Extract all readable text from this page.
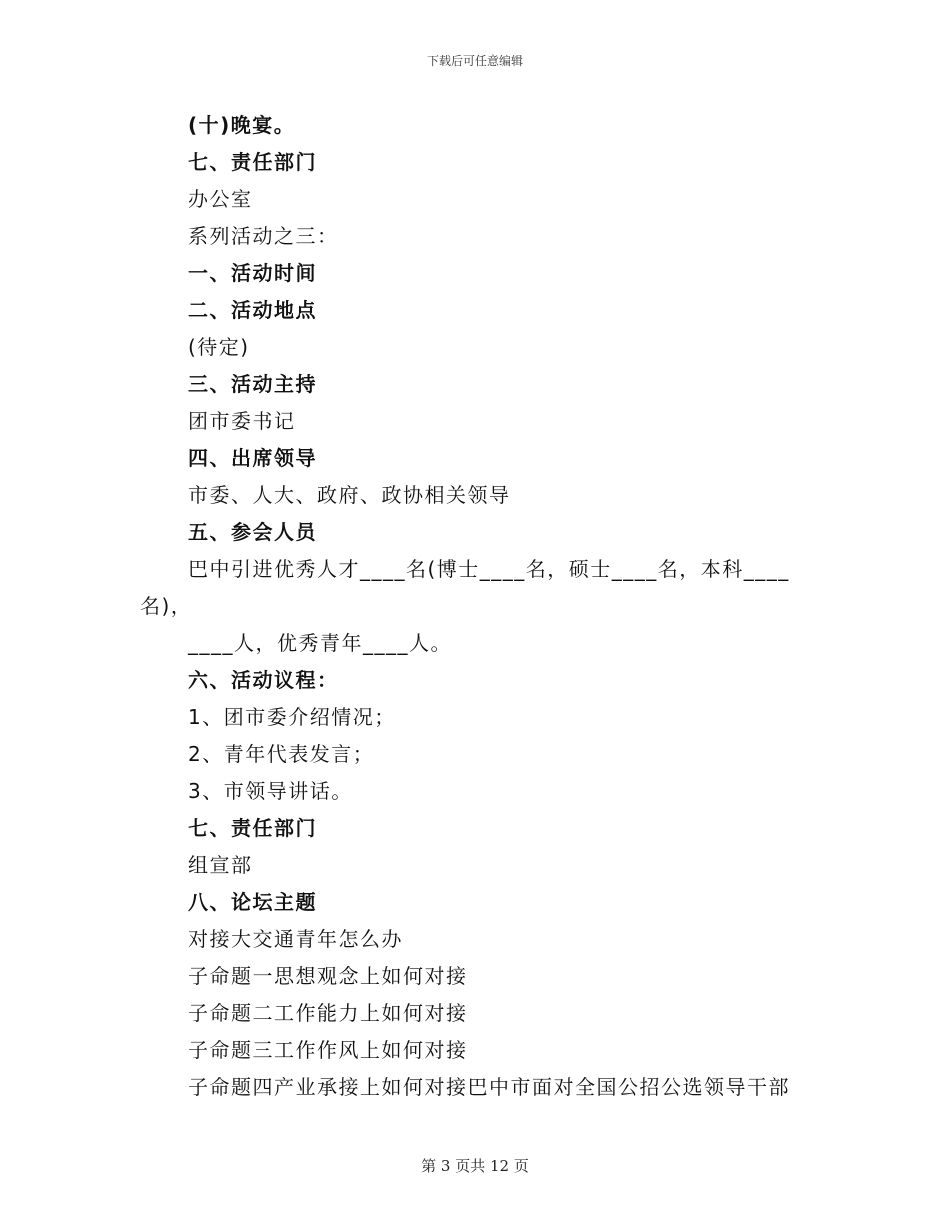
下载后可任意编辑
(十)晚宴。
七、责任部门
办公室
系列活动之三：
一、活动时间
二、活动地点
(待定)
三、活动主持
团市委书记
四、出席领导
市委、人大、政府、政协相关领导
五、参会人员
巴中引进优秀人才____名(博士____名，硕士____名，本科____
名)，
____人，优秀青年____人。
六、活动议程：
1、团市委介绍情况；
2、青年代表发言；
3、市领导讲话。
七、责任部门
组宣部
八、论坛主题
对接大交通青年怎么办
子命题一思想观念上如何对接
子命题二工作能力上如何对接
子命题三工作作风上如何对接
子命题四产业承接上如何对接巴中市面对全国公招公选领导干部
第 3 页共 12 页
